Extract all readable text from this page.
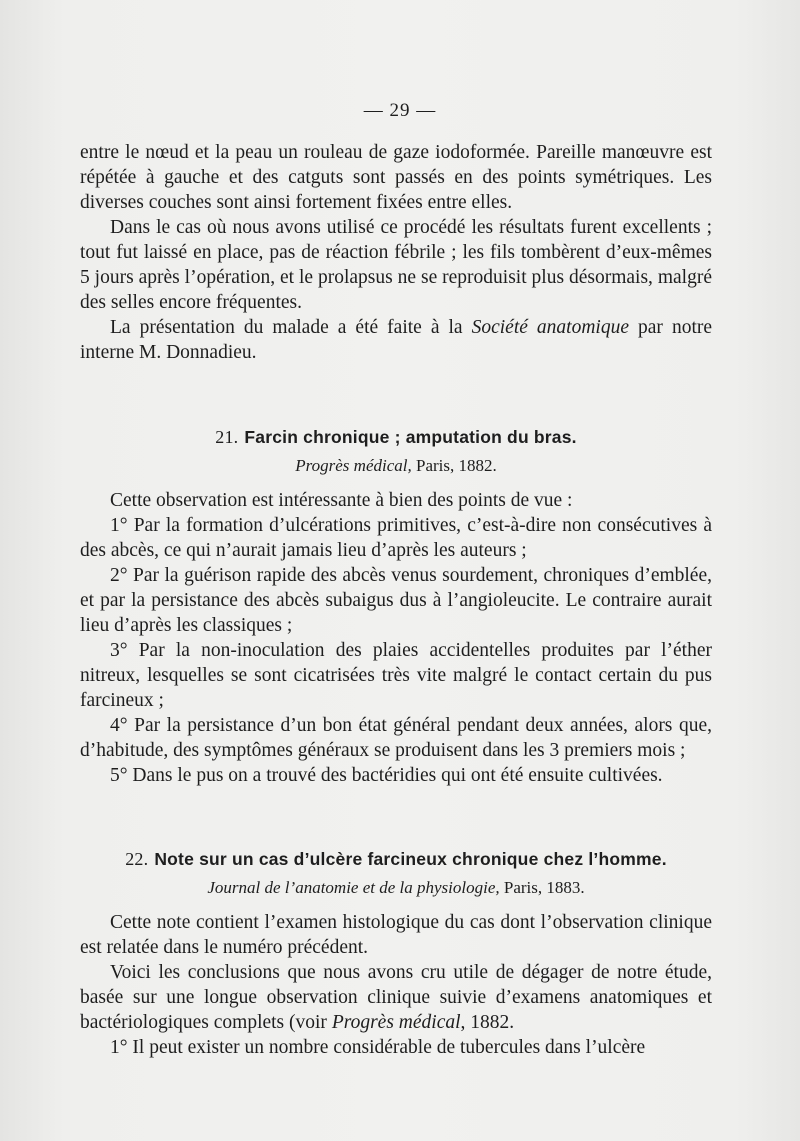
— 29 —

entre le nœud et la peau un rouleau de gaze iodoformée. Pareille manœuvre est répétée à gauche et des catguts sont passés en des points symétriques. Les diverses couches sont ainsi fortement fixées entre elles.

Dans le cas où nous avons utilisé ce procédé les résultats furent excellents ; tout fut laissé en place, pas de réaction fébrile ; les fils tombèrent d’eux-mêmes 5 jours après l’opération, et le prolapsus ne se reproduisit plus désormais, malgré des selles encore fréquentes.

La présentation du malade a été faite à la Société anatomique par notre interne M. Donnadieu.

21. Farcin chronique ; amputation du bras.

Progrès médical, Paris, 1882.

Cette observation est intéressante à bien des points de vue :

1° Par la formation d’ulcérations primitives, c’est-à-dire non consécutives à des abcès, ce qui n’aurait jamais lieu d’après les auteurs ;

2° Par la guérison rapide des abcès venus sourdement, chroniques d’emblée, et par la persistance des abcès subaigus dus à l’angioleucite. Le contraire aurait lieu d’après les classiques ;

3° Par la non-inoculation des plaies accidentelles produites par l’éther nitreux, lesquelles se sont cicatrisées très vite malgré le contact certain du pus farcineux ;

4° Par la persistance d’un bon état général pendant deux années, alors que, d’habitude, des symptômes généraux se produisent dans les 3 premiers mois ;

5° Dans le pus on a trouvé des bactéridies qui ont été ensuite cultivées.

22. Note sur un cas d’ulcère farcineux chronique chez l’homme.

Journal de l’anatomie et de la physiologie, Paris, 1883.

Cette note contient l’examen histologique du cas dont l’observation clinique est relatée dans le numéro précédent.

Voici les conclusions que nous avons cru utile de dégager de notre étude, basée sur une longue observation clinique suivie d’examens anatomiques et bactériologiques complets (voir Progrès médical, 1882.

1° Il peut exister un nombre considérable de tubercules dans l’ulcère
